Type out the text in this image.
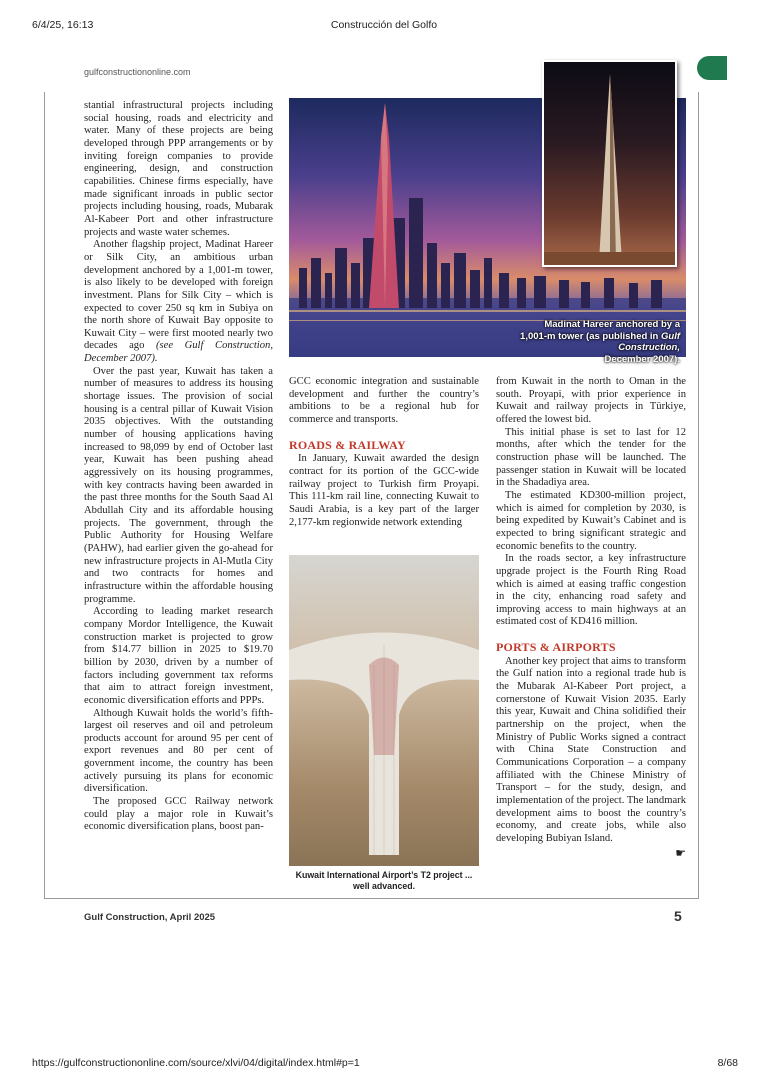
6/4/25, 16:13	Construcción del Golfo
gulfconstructiononline.com

stantial infrastructural projects including social housing, roads and electricity and water. Many of these projects are being developed through PPP arrangements or by inviting foreign companies to provide engineering, design, and construction capabilities. Chinese firms especially, have made significant inroads in public sector projects including housing, roads, Mubarak Al-Kabeer Port and other infrastructure projects and waste water schemes.

Another flagship project, Madinat Hareer or Silk City, an ambitious urban development anchored by a 1,001-m tower, is also likely to be developed with foreign investment. Plans for Silk City – which is expected to cover 250 sq km in Subiya on the north shore of Kuwait Bay opposite to Kuwait City – were first mooted nearly two decades ago (see Gulf Construction, December 2007).

Over the past year, Kuwait has taken a number of measures to address its housing shortage issues. The provision of social housing is a central pillar of Kuwait Vision 2035 objectives. With the outstanding number of housing applications having increased to 98,099 by end of October last year, Kuwait has been pushing ahead aggressively on its housing programmes, with key contracts having been awarded in the past three months for the South Saad Al Abdullah City and its affordable housing projects. The government, through the Public Authority for Housing Welfare (PAHW), had earlier given the go-ahead for new infrastructure projects in Al-Mutla City and two contracts for homes and infrastructure within the affordable housing programme.

According to leading market research company Mordor Intelligence, the Kuwait construction market is projected to grow from $14.77 billion in 2025 to $19.70 billion by 2030, driven by a number of factors including government tax reforms that aim to attract foreign investment, economic diversification efforts and PPPs.

Although Kuwait holds the world’s fifth-largest oil reserves and oil and petroleum products account for around 95 per cent of export revenues and 80 per cent of government income, the country has been actively pursuing its plans for economic diversification.

The proposed GCC Railway network could play a major role in Kuwait’s economic diversification plans, boost pan-

Madinat Hareer anchored by a
1,001-m tower (as published in Gulf Construction,
December 2007).

GCC economic integration and sustainable development and further the country’s ambitions to be a regional hub for commerce and transports.

ROADS & RAILWAY

In January, Kuwait awarded the design contract for its portion of the GCC-wide railway project to Turkish firm Proyapi. This 111-km rail line, connecting Kuwait to Saudi Arabia, is a key part of the larger 2,177-km regionwide network extending

Kuwait International Airport’s T2 project ...
well advanced.

from Kuwait in the north to Oman in the south. Proyapi, with prior experience in Kuwait and railway projects in Türkiye, offered the lowest bid.

This initial phase is set to last for 12 months, after which the tender for the construction phase will be launched. The passenger station in Kuwait will be located in the Shadadiya area.

The estimated KD300-million project, which is aimed for completion by 2030, is being expedited by Kuwait’s Cabinet and is expected to bring significant strategic and economic benefits to the country.

In the roads sector, a key infrastructure upgrade project is the Fourth Ring Road which is aimed at easing traffic congestion in the city, enhancing road safety and improving access to main highways at an estimated cost of KD416 million.

PORTS & AIRPORTS

Another key project that aims to transform the Gulf nation into a regional trade hub is the Mubarak Al-Kabeer Port project, a cornerstone of Kuwait Vision 2035. Early this year, Kuwait and China solidified their partnership on the project, when the Ministry of Public Works signed a contract with China State Construction and Communications Corporation – a company affiliated with the Chinese Ministry of Transport – for the study, design, and implementation of the project. The landmark development aims to boost the country’s economy, and create jobs, while also developing Bubiyan Island.

☛
Gulf Construction, April 2025	5
https://gulfconstructiononline.com/source/xlvi/04/digital/index.html#p=1	8/68
